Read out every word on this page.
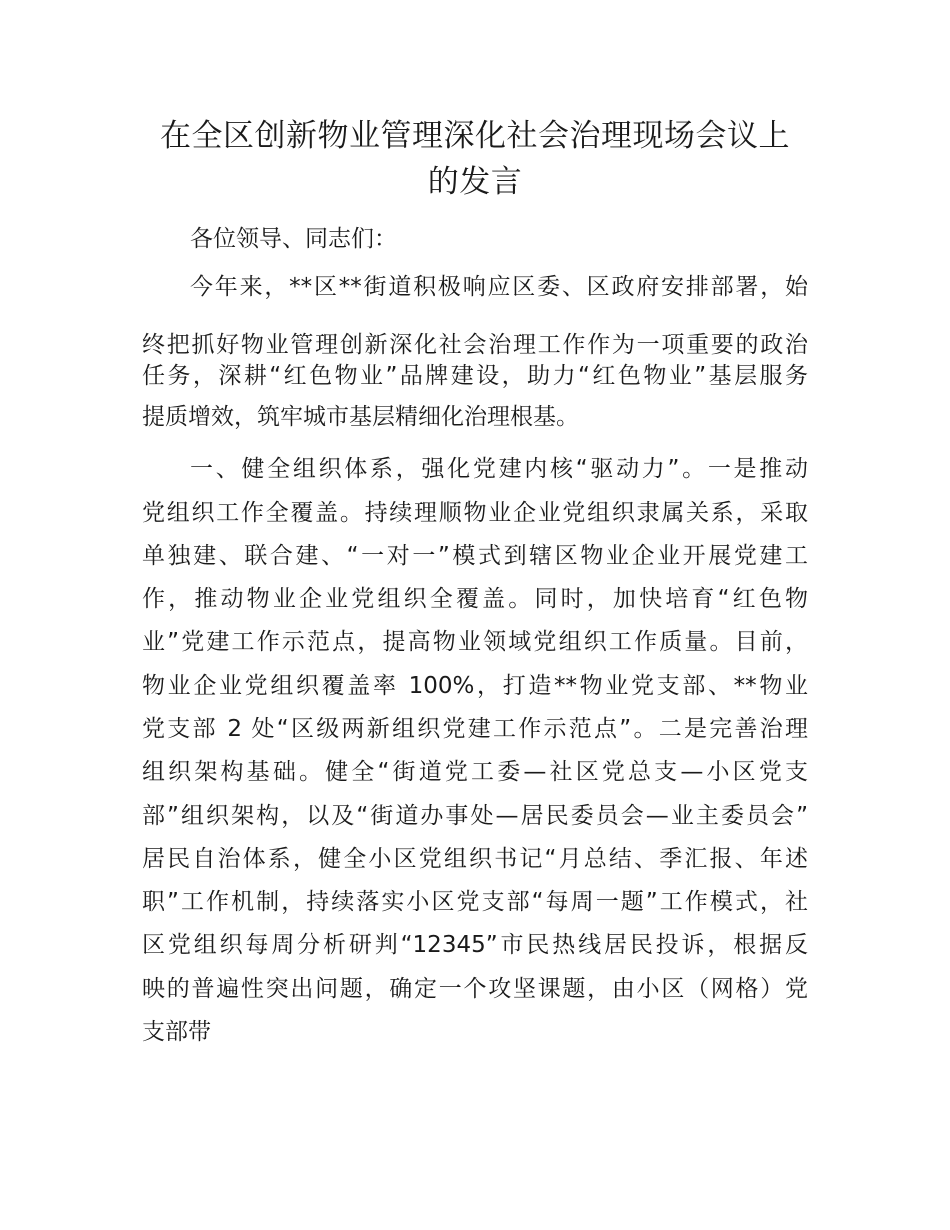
在全区创新物业管理深化社会治理现场会议上
的发言

各位领导、同志们：

今年来，**区**街道积极响应区委、区政府安排部署，始

终把抓好物业管理创新深化社会治理工作作为一项重要的政治

任务，深耕“红色物业”品牌建设，助力“红色物业”基层服务

提质增效，筑牢城市基层精细化治理根基。

一、健全组织体系，强化党建内核“驱动力”。一是推动

党组织工作全覆盖。持续理顺物业企业党组织隶属关系，采取

单独建、联合建、“一对一”模式到辖区物业企业开展党建工

作，推动物业企业党组织全覆盖。同时，加快培育“红色物

业”党建工作示范点，提高物业领域党组织工作质量。目前，

物业企业党组织覆盖率 100%，打造**物业党支部、**物业

党支部 2 处“区级两新组织党建工作示范点”。二是完善治理

组织架构基础。健全“街道党工委—社区党总支—小区党支

部”组织架构，以及“街道办事处—居民委员会—业主委员会”

居民自治体系，健全小区党组织书记“月总结、季汇报、年述

职”工作机制，持续落实小区党支部“每周一题”工作模式，社

区党组织每周分析研判“12345”市民热线居民投诉，根据反

映的普遍性突出问题，确定一个攻坚课题，由小区（网格）党

支部带
